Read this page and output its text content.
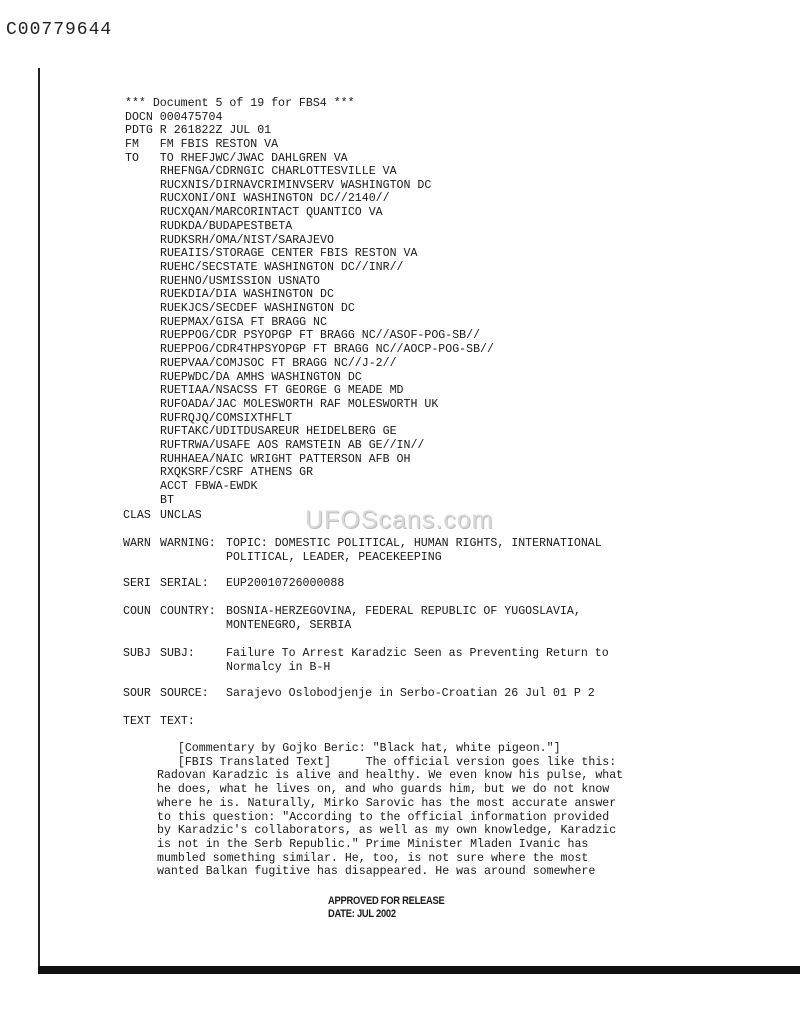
C00779644
*** Document 5 of 19 for FBS4 ***
DOCN 000475704
PDTG R 261822Z JUL 01
FM   FM FBIS RESTON VA
TO   TO RHEFJWC/JWAC DAHLGREN VA
RHEFNGA/CDRNGIC CHARLOTTESVILLE VA
RUCXNIS/DIRNAVCRIMINVSERV WASHINGTON DC
RUCXONI/ONI WASHINGTON DC//2140//
RUCXQAN/MARCORINTACT QUANTICO VA
RUDKDA/BUDAPESTBETA
RUDKSRH/OMA/NIST/SARAJEVO
RUEAIIS/STORAGE CENTER FBIS RESTON VA
RUEHC/SECSTATE WASHINGTON DC//INR//
RUEHNO/USMISSION USNATO
RUEKDIA/DIA WASHINGTON DC
RUEKJCS/SECDEF WASHINGTON DC
RUEPMAX/GISA FT BRAGG NC
RUEPPOG/CDR PSYOPGP FT BRAGG NC//ASOF-POG-SB//
RUEPPOG/CDR4THPSYOPGP FT BRAGG NC//AOCP-POG-SB//
RUEPVAA/COMJSOC FT BRAGG NC//J-2//
RUEPWDC/DA AMHS WASHINGTON DC
RUETIAA/NSACSS FT GEORGE G MEADE MD
RUFOADA/JAC MOLESWORTH RAF MOLESWORTH UK
RUFRQJQ/COMSIXTHFLT
RUFTAKC/UDITDUSAREUR HEIDELBERG GE
RUFTRWA/USAFE AOS RAMSTEIN AB GE//IN//
RUHHAEA/NAIC WRIGHT PATTERSON AFB OH
RXQKSRF/CSRF ATHENS GR
ACCT FBWA-EWDK
BT
CLAS UNCLAS
WARN WARNING: TOPIC: DOMESTIC POLITICAL, HUMAN RIGHTS, INTERNATIONAL
POLITICAL, LEADER, PEACEKEEPING
SERI SERIAL: EUP20010726000088
COUN COUNTRY: BOSNIA-HERZEGOVINA, FEDERAL REPUBLIC OF YUGOSLAVIA,
MONTENEGRO, SERBIA
SUBJ SUBJ:	Failure To Arrest Karadzic Seen as Preventing Return to
Normalcy in B-H
SOUR SOURCE: Sarajevo Oslobodjenje in Serbo-Croatian 26 Jul 01 P 2
TEXT TEXT:
[Commentary by Gojko Beric: "Black hat, white pigeon."]
[FBIS Translated Text]     The official version goes like this:
Radovan Karadzic is alive and healthy. We even know his pulse, what
he does, what he lives on, and who guards him, but we do not know
where he is. Naturally, Mirko Sarovic has the most accurate answer
to this question: "According to the official information provided
by Karadzic's collaborators, as well as my own knowledge, Karadzic
is not in the Serb Republic." Prime Minister Mladen Ivanic has
mumbled something similar. He, too, is not sure where the most
wanted Balkan fugitive has disappeared. He was around somewhere
UFOScans.com
APPROVED FOR RELEASE
DATE: JUL 2002
